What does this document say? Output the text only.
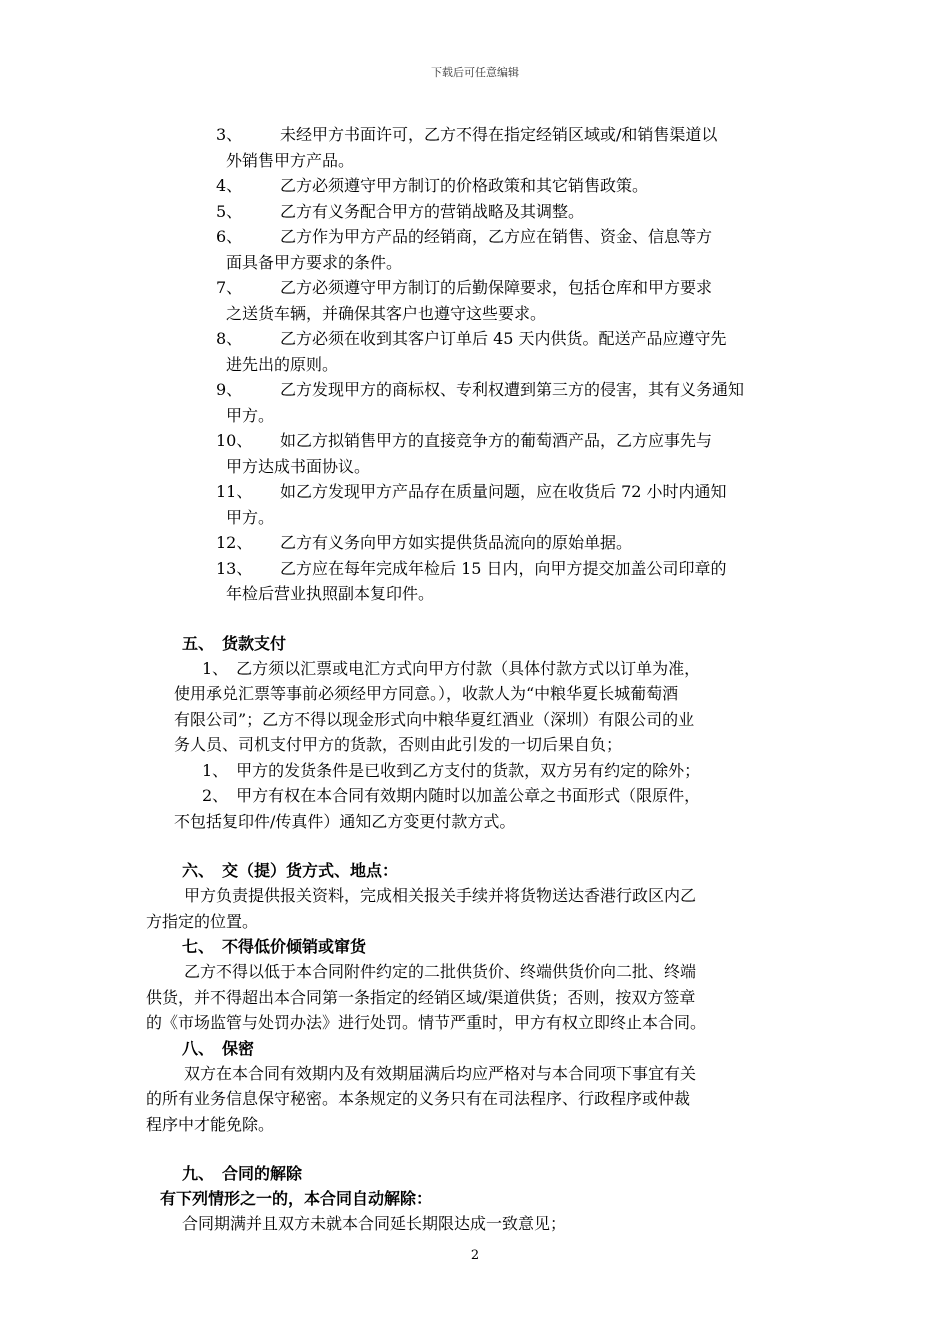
下载后可任意编辑
3、	未经甲方书面许可，乙方不得在指定经销区域或/和销售渠道以
外销售甲方产品。
4、	乙方必须遵守甲方制订的价格政策和其它销售政策。
5、	乙方有义务配合甲方的营销战略及其调整。
6、	乙方作为甲方产品的经销商，乙方应在销售、资金、信息等方
面具备甲方要求的条件。
7、	乙方必须遵守甲方制订的后勤保障要求，包括仓库和甲方要求
之送货车辆，并确保其客户也遵守这些要求。
8、	乙方必须在收到其客户订单后 45 天内供货。配送产品应遵守先
进先出的原则。
9、	乙方发现甲方的商标权、专利权遭到第三方的侵害，其有义务通知
甲方。
10、	如乙方拟销售甲方的直接竞争方的葡萄酒产品，乙方应事先与
甲方达成书面协议。
11、	如乙方发现甲方产品存在质量问题，应在收货后 72 小时内通知
甲方。
12、	乙方有义务向甲方如实提供货品流向的原始单据。
13、	乙方应在每年完成年检后 15 日内，向甲方提交加盖公司印章的
年检后营业执照副本复印件。
五、　货款支付
　1、　乙方须以汇票或电汇方式向甲方付款（具体付款方式以订单为准，
使用承兑汇票等事前必须经甲方同意。），收款人为“中粮华夏长城葡萄酒
有限公司”；乙方不得以现金形式向中粮华夏红酒业（深圳）有限公司的业
务人员、司机支付甲方的货款，否则由此引发的一切后果自负；
　1、　甲方的发货条件是已收到乙方支付的货款，双方另有约定的除外；
　2、　甲方有权在本合同有效期内随时以加盖公章之书面形式（限原件，
不包括复印件/传真件）通知乙方变更付款方式。
六、　交（提）货方式、地点：
　甲方负责提供报关资料，完成相关报关手续并将货物送达香港行政区内乙
方指定的位置。
七、　不得低价倾销或窜货
　乙方不得以低于本合同附件约定的二批供货价、终端供货价向二批、终端
供货，并不得超出本合同第一条指定的经销区域/渠道供货；否则，按双方签章
的《市场监管与处罚办法》进行处罚。情节严重时，甲方有权立即终止本合同。
八、　保密
　双方在本合同有效期内及有效期届满后均应严格对与本合同项下事宜有关
的所有业务信息保守秘密。本条规定的义务只有在司法程序、行政程序或仲裁
程序中才能免除。
九、　合同的解除
有下列情形之一的，本合同自动解除：
合同期满并且双方未就本合同延长期限达成一致意见；
2
